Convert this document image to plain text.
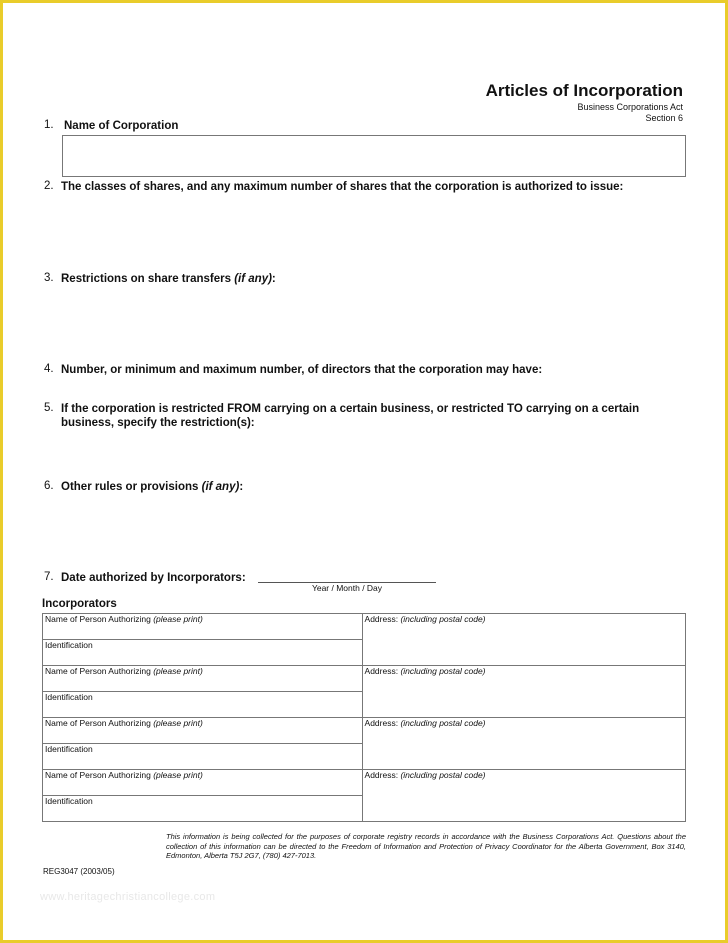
Articles of Incorporation
Business Corporations Act
Section 6
1. Name of Corporation
2. The classes of shares, and any maximum number of shares that the corporation is authorized to issue:
3. Restrictions on share transfers (if any):
4. Number, or minimum and maximum number, of directors that the corporation may have:
5. If the corporation is restricted FROM carrying on a certain business, or restricted TO carrying on a certain business, specify the restriction(s):
6. Other rules or provisions (if any):
7. Date authorized by Incorporators:
Year / Month / Day
Incorporators
Name of Person Authorizing (please print)	Address: (including postal code)
Identification	
Name of Person Authorizing (please print)	Address: (including postal code)
Identification	
Name of Person Authorizing (please print)	Address: (including postal code)
Identification	
Name of Person Authorizing (please print)	Address: (including postal code)
Identification	
This information is being collected for the purposes of corporate registry records in accordance with the Business Corporations Act. Questions about the collection of this information can be directed to the Freedom of Information and Protection of Privacy Coordinator for the Alberta Government, Box 3140, Edmonton, Alberta T5J 2G7, (780) 427-7013.
REG3047 (2003/05)
www.heritagechristiancollege.com
